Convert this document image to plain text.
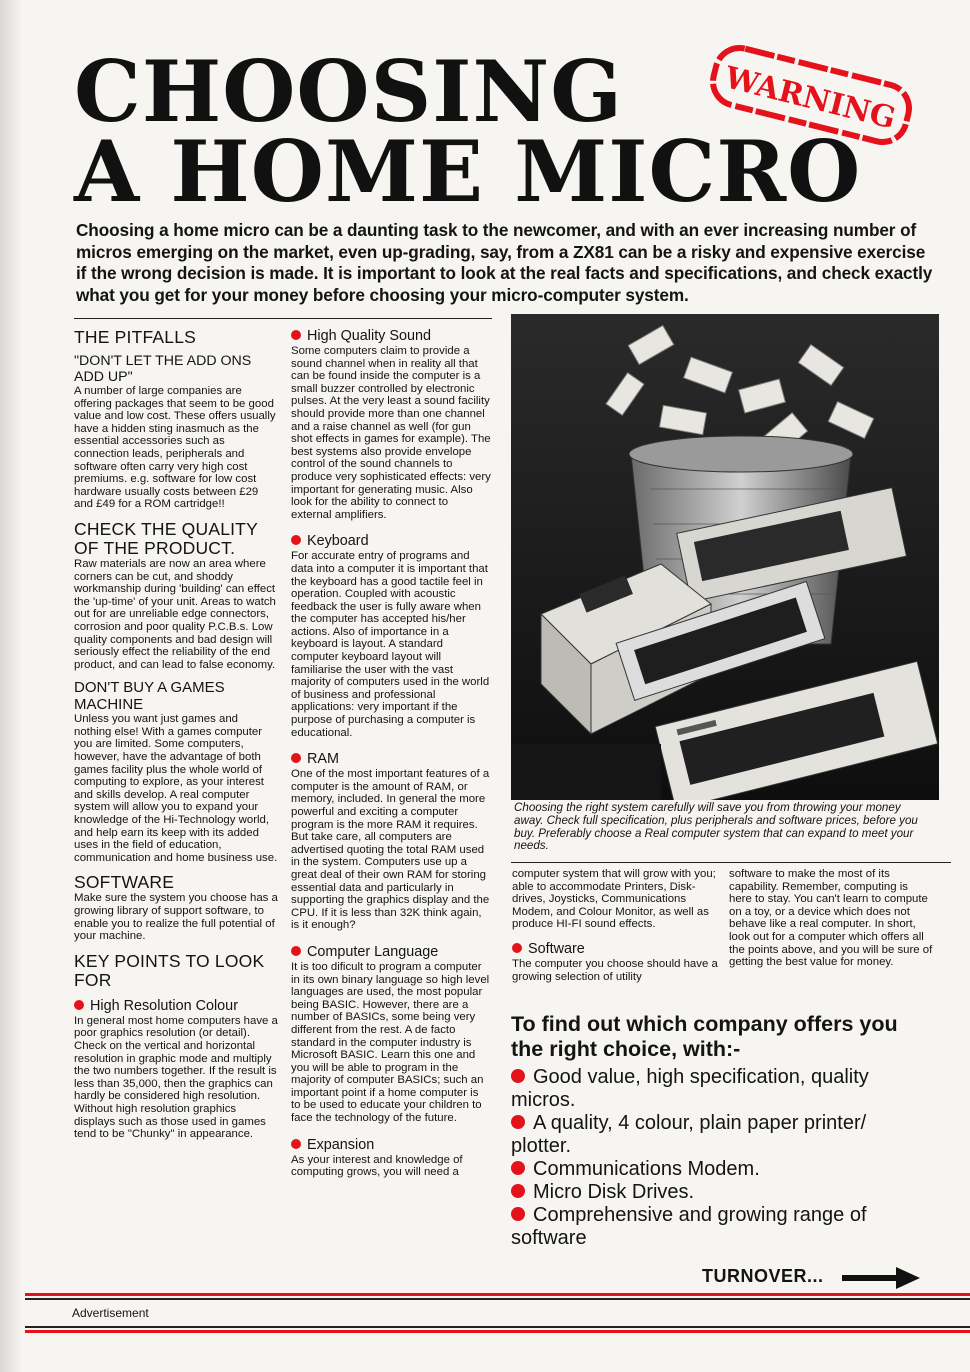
CHOOSING
A HOME MICRO
WARNING

Choosing a home micro can be a daunting task to the newcomer, and with an ever increasing number of micros emerging on the market, even up-grading, say, from a ZX81 can be a risky and expensive exercise if the wrong decision is made. It is important to look at the real facts and specifications, and check exactly what you get for your money before choosing your micro-computer system.

THE PITFALLS
"DON'T LET THE ADD ONS ADD UP"

A number of large companies are offering packages that seem to be good value and low cost. These offers usually have a hidden sting inasmuch as the essential accessories such as connection leads, peripherals and software often carry very high cost premiums. e.g. software for low cost hardware usually costs between £29 and £49 for a ROM cartridge!!

CHECK THE QUALITY OF THE PRODUCT.

Raw materials are now an area where corners can be cut, and shoddy workmanship during 'building' can effect the 'up-time' of your unit. Areas to watch out for are unreliable edge connectors, corrosion and poor quality P.C.B.s. Low quality components and bad design will seriously effect the reliability of the end product, and can lead to false economy.

DON'T BUY A GAMES MACHINE

Unless you want just games and nothing else! With a games computer you are limited. Some computers, however, have the advantage of both games facility plus the whole world of computing to explore, as your interest and skills develop. A real computer system will allow you to expand your knowledge of the Hi-Technology world, and help earn its keep with its added uses in the field of education, communication and home business use.

SOFTWARE

Make sure the system you choose has a growing library of support software, to enable you to realize the full potential of your machine.

KEY POINTS TO LOOK FOR
High Resolution Colour

In general most home computers have a poor graphics resolution (or detail). Check on the vertical and horizontal resolution in graphic mode and multiply the two numbers together. If the result is less than 35,000, then the graphics can hardly be considered high resolution. Without high resolution graphics displays such as those used in games tend to be "Chunky" in appearance.

High Quality Sound

Some computers claim to provide a sound channel when in reality all that can be found inside the computer is a small buzzer controlled by electronic pulses. At the very least a sound facility should provide more than one channel and a raise channel as well (for gun shot effects in games for example). The best systems also provide envelope control of the sound channels to produce very sophisticated effects: very important for generating music. Also look for the ability to connect to external amplifiers.

Keyboard

For accurate entry of programs and data into a computer it is important that the keyboard has a good tactile feel in operation. Coupled with acoustic feedback the user is fully aware when the computer has accepted his/her actions. Also of importance in a keyboard is layout. A standard computer keyboard layout will familiarise the user with the vast majority of computers used in the world of business and professional applications: very important if the purpose of purchasing a computer is educational.

RAM

One of the most important features of a computer is the amount of RAM, or memory, included. In general the more powerful and exciting a computer program is the more RAM it requires. But take care, all computers are advertised quoting the total RAM used in the system. Computers use up a great deal of their own RAM for storing essential data and particularly in supporting the graphics display and the CPU. If it is less than 32K think again, is it enough?

Computer Language

It is too dificult to program a computer in its own binary language so high level languages are used, the most popular being BASIC. However, there are a number of BASICs, some being very different from the rest. A de facto standard in the computer industry is Microsoft BASIC. Learn this one and you will be able to program in the majority of computer BASICs; such an important point if a home computer is to be used to educate your children to face the technology of the future.

Expansion

As your interest and knowledge of computing grows, you will need a

Choosing the right system carefully will save you from throwing your money away. Check full specification, plus peripherals and software prices, before you buy. Preferably choose a Real computer system that can expand to meet your needs.

computer system that will grow with you; able to accommodate Printers, Disk-drives, Joysticks, Communications Modem, and Colour Monitor, as well as produce HI-FI sound effects.

Software

The computer you choose should have a growing selection of utility

software to make the most of its capability. Remember, computing is here to stay. You can't learn to compute on a toy, or a device which does not behave like a real computer. In short, look out for a computer which offers all the points above, and you will be sure of getting the best value for money.

To find out which company offers you the right choice, with:-

Good value, high specification, quality micros.

A quality, 4 colour, plain paper printer/ plotter.

Communications Modem.

Micro Disk Drives.

Comprehensive and growing range of software

TURNOVER...
Advertisement
